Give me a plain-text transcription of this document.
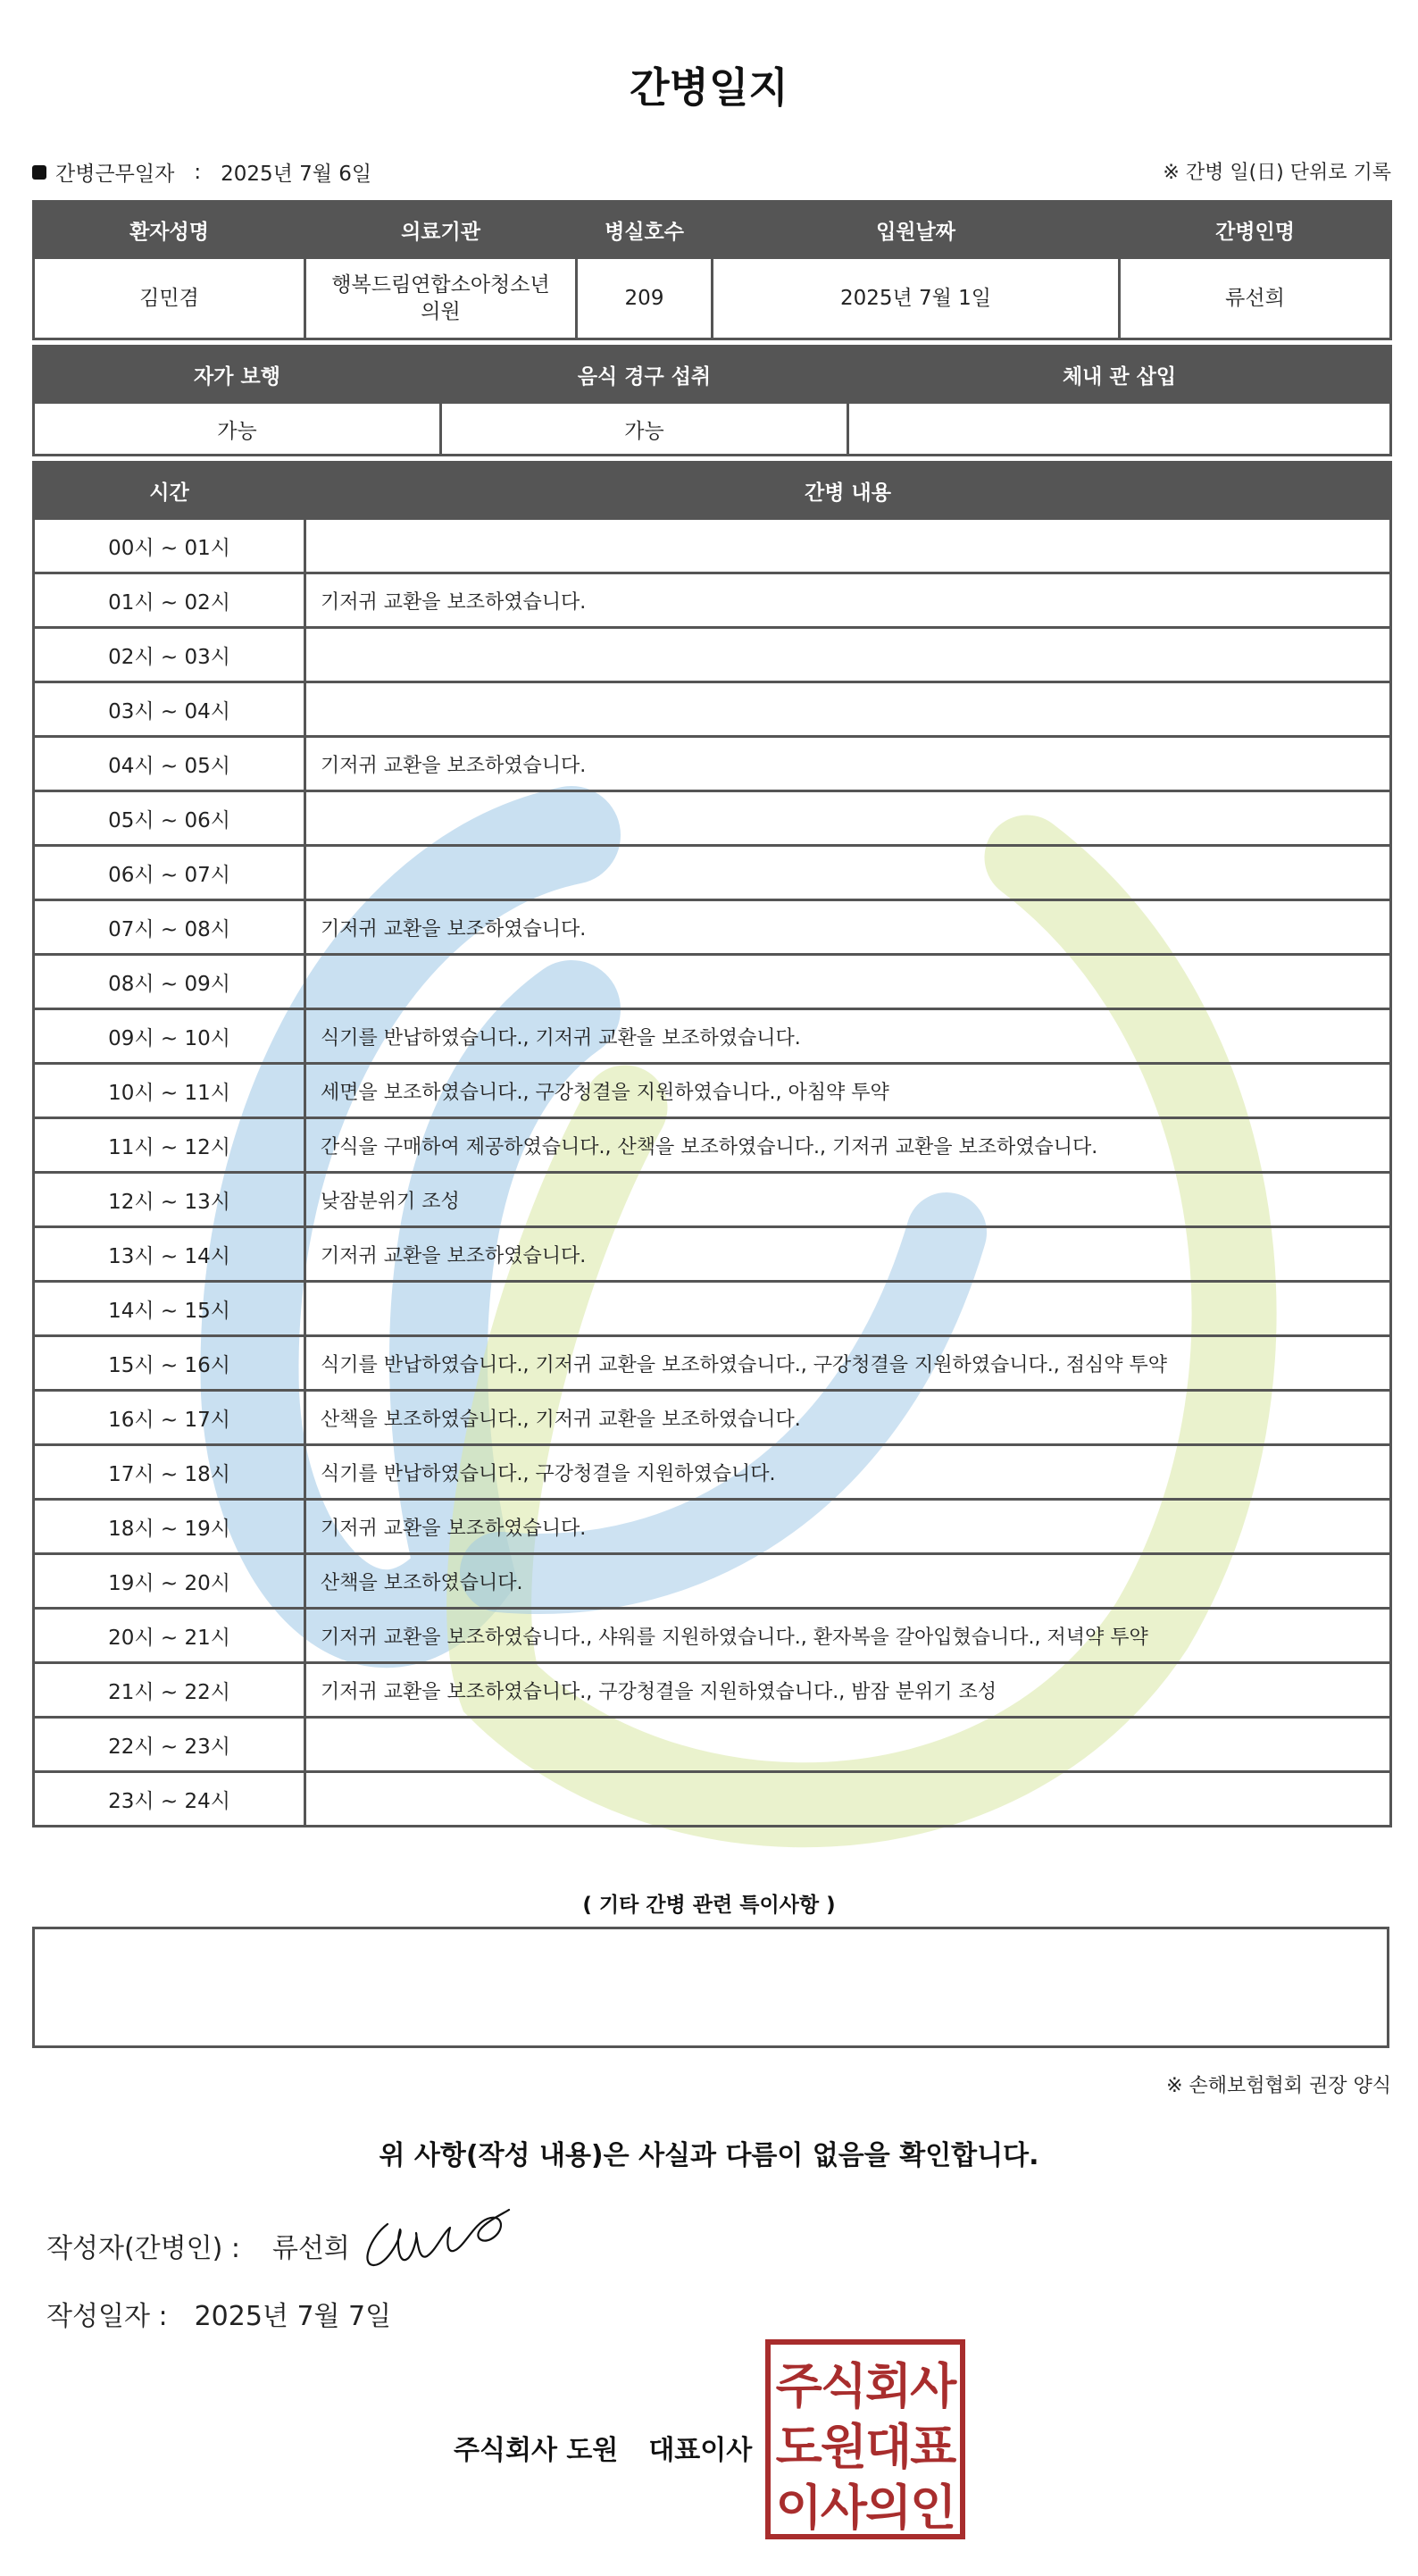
간병일지
간병근무일자 : 2025년 7월 6일	※ 간병 일(日) 단위로 기록
환자성명	의료기관	병실호수	입원날짜	간병인명
김민겸	행복드림연합소아청소년의원	209	2025년 7월 1일	류선희
자가 보행	음식 경구 섭취	체내 관 삽입
가능	가능	
시간	간병 내용
00시 ~ 01시	
01시 ~ 02시	기저귀 교환을 보조하였습니다.
02시 ~ 03시	
03시 ~ 04시	
04시 ~ 05시	기저귀 교환을 보조하였습니다.
05시 ~ 06시	
06시 ~ 07시	
07시 ~ 08시	기저귀 교환을 보조하였습니다.
08시 ~ 09시	
09시 ~ 10시	식기를 반납하였습니다., 기저귀 교환을 보조하였습니다.
10시 ~ 11시	세면을 보조하였습니다., 구강청결을 지원하였습니다., 아침약 투약
11시 ~ 12시	간식을 구매하여 제공하였습니다., 산책을 보조하였습니다., 기저귀 교환을 보조하였습니다.
12시 ~ 13시	낮잠분위기 조성
13시 ~ 14시	기저귀 교환을 보조하였습니다.
14시 ~ 15시	
15시 ~ 16시	식기를 반납하였습니다., 기저귀 교환을 보조하였습니다., 구강청결을 지원하였습니다., 점심약 투약
16시 ~ 17시	산책을 보조하였습니다., 기저귀 교환을 보조하였습니다.
17시 ~ 18시	식기를 반납하였습니다., 구강청결을 지원하였습니다.
18시 ~ 19시	기저귀 교환을 보조하였습니다.
19시 ~ 20시	산책을 보조하였습니다.
20시 ~ 21시	기저귀 교환을 보조하였습니다., 샤워를 지원하였습니다., 환자복을 갈아입혔습니다., 저녁약 투약
21시 ~ 22시	기저귀 교환을 보조하였습니다., 구강청결을 지원하였습니다., 밤잠 분위기 조성
22시 ~ 23시	
23시 ~ 24시	
( 기타 간병 관련 특이사항 )
※ 손해보험협회 권장 양식
위 사항(작성 내용)은 사실과 다름이 없음을 확인합니다.
작성자(간병인) : 류선희
작성일자 : 2025년 7월 7일
주식회사 도원 대표이사
주식회사
도원대표
이사의인
